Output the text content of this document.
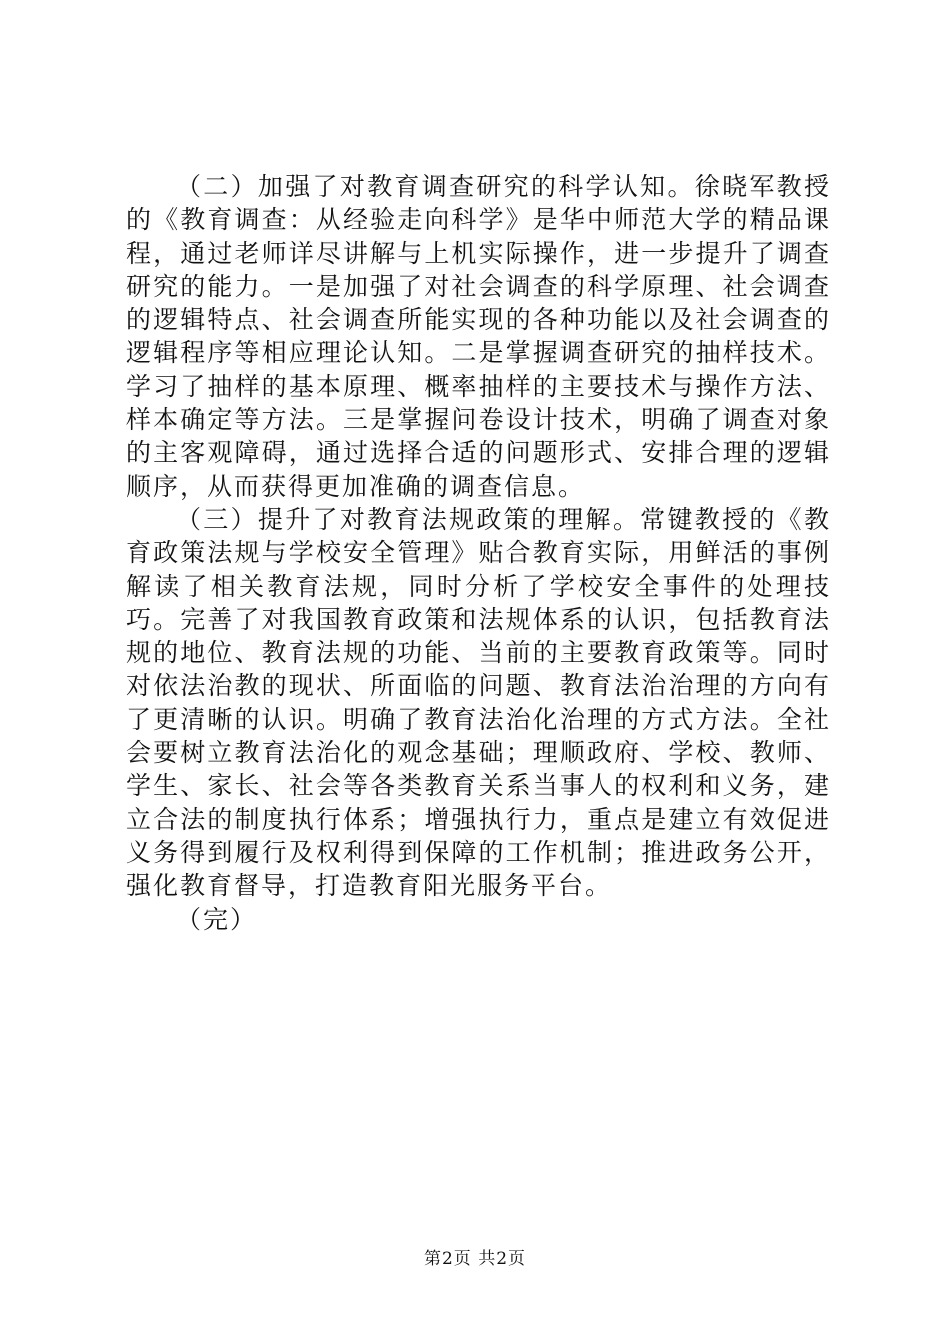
（二）加强了对教育调查研究的科学认知。徐晓军教授的《教育调查：从经验走向科学》是华中师范大学的精品课程，通过老师详尽讲解与上机实际操作，进一步提升了调查研究的能力。一是加强了对社会调查的科学原理、社会调查的逻辑特点、社会调查所能实现的各种功能以及社会调查的逻辑程序等相应理论认知。二是掌握调查研究的抽样技术。学习了抽样的基本原理、概率抽样的主要技术与操作方法、样本确定等方法。三是掌握问卷设计技术，明确了调查对象的主客观障碍，通过选择合适的问题形式、安排合理的逻辑顺序，从而获得更加准确的调查信息。

（三）提升了对教育法规政策的理解。常键教授的《教育政策法规与学校安全管理》贴合教育实际，用鲜活的事例解读了相关教育法规，同时分析了学校安全事件的处理技巧。完善了对我国教育政策和法规体系的认识，包括教育法规的地位、教育法规的功能、当前的主要教育政策等。同时对依法治教的现状、所面临的问题、教育法治治理的方向有了更清晰的认识。明确了教育法治化治理的方式方法。全社会要树立教育法治化的观念基础；理顺政府、学校、教师、学生、家长、社会等各类教育关系当事人的权利和义务，建立合法的制度执行体系；增强执行力，重点是建立有效促进义务得到履行及权利得到保障的工作机制；推进政务公开，强化教育督导，打造教育阳光服务平台。

（完）

第2页 共2页
